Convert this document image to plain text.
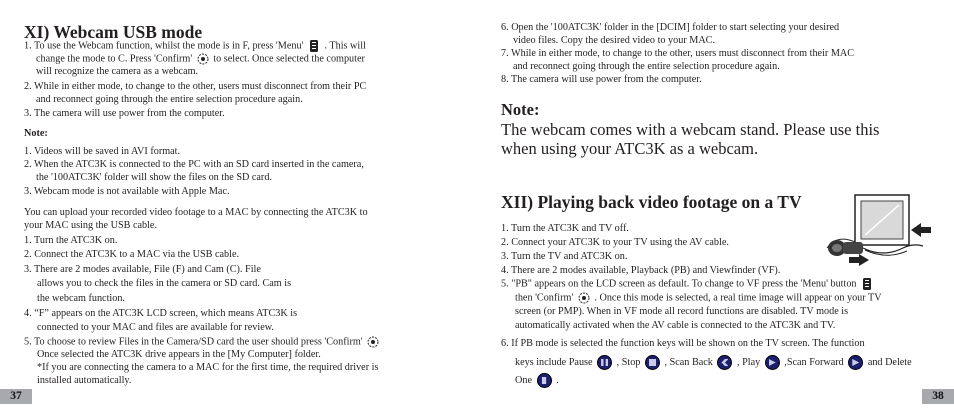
XI) Webcam USB mode
1. To use the Webcam function, whilst the mode is in F, press 'Menu' . This will
change the mode to C. Press 'Confirm' to select. Once selected the computer
will recognize the camera as a webcam.
2. While in either mode, to change to the other, users must disconnect from their PC
and reconnect going through the entire selection procedure again.
3. The camera will use power from the computer.
Note:
1. Videos will be saved in AVI format.
2. When the ATC3K is connected to the PC with an SD card inserted in the camera,
the '100ATC3K' folder will show the files on the SD card.
3. Webcam mode is not available with Apple Mac.
You can upload your recorded video footage to a MAC by connecting the ATC3K to
your MAC using the USB cable.
1. Turn the ATC3K on.
2. Connect the ATC3K to a MAC via the USB cable.
3. There are 2 modes available, File (F) and Cam (C). File
allows you to check the files in the camera or SD card. Cam is
the webcam function.
4. “F” appears on the ATC3K LCD screen, which means ATC3K is
connected to your MAC and files are available for review.
5. To choose to review Files in the Camera/SD card the user should press 'Confirm'
Once selected the ATC3K drive appears in the [My Computer] folder.
*If you are connecting the camera to a MAC for the first time, the required driver is
installed automatically.
37
6. Open the '100ATC3K' folder in the [DCIM] folder to start selecting your desired
video files. Copy the desired video to your MAC.
7. While in either mode, to change to the other, users must disconnect from their MAC
and reconnect going through the entire selection procedure again.
8. The camera will use power from the computer.
Note:
The webcam comes with a webcam stand. Please use this
when using your ATC3K as a webcam.
XII) Playing back video footage on a TV
1. Turn the ATC3K and TV off.
2. Connect your ATC3K to your TV using the AV cable.
3. Turn the TV and ATC3K on.
4. There are 2 modes available, Playback (PB) and Viewfinder (VF).
5. "PB" appears on the LCD screen as default. To change to VF press the 'Menu' button
then 'Confirm' . Once this mode is selected, a real time image will appear on your TV
screen (or PMP). When in VF mode all record functions are disabled. TV mode is
automatically activated when the AV cable is connected to the ATC3K and TV.
6. If PB mode is selected the function keys will be shown on the TV screen. The function
keys include Pause , Stop , Scan Back , Play ,Scan Forward and Delete
One .
38
